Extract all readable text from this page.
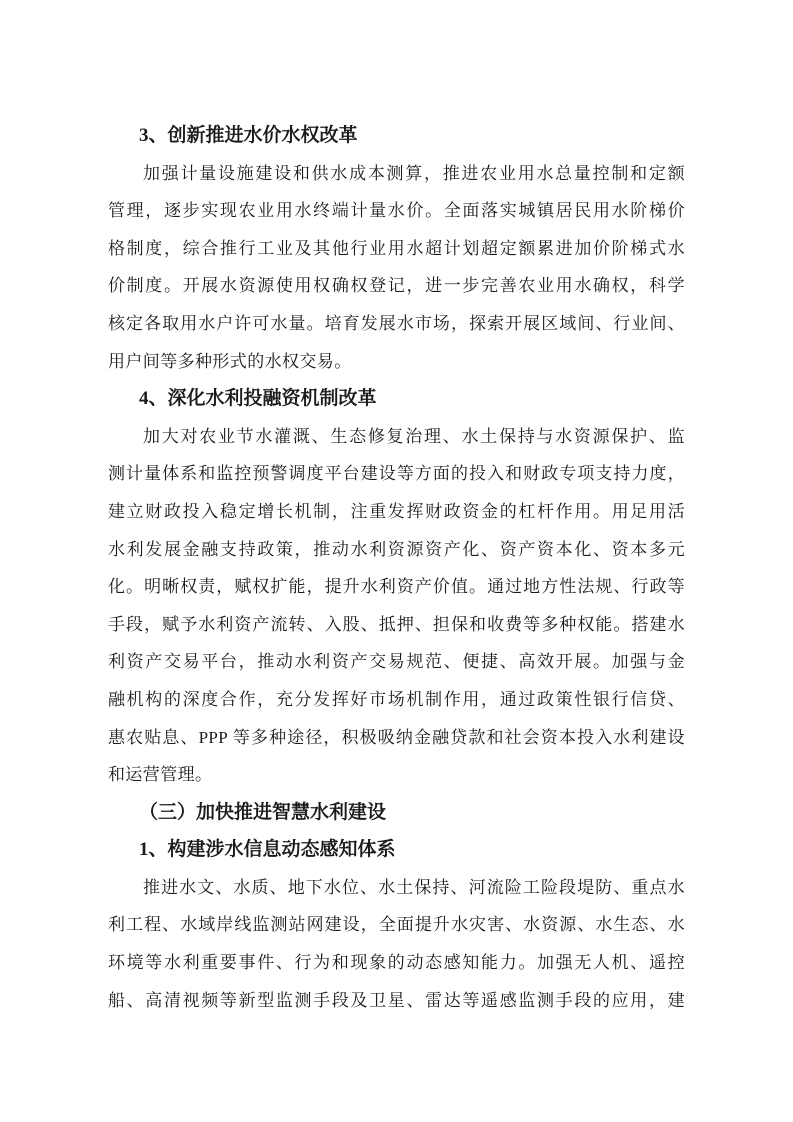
3、创新推进水价水权改革
加强计量设施建设和供水成本测算，推进农业用水总量控制和定额
管理，逐步实现农业用水终端计量水价。全面落实城镇居民用水阶梯价
格制度，综合推行工业及其他行业用水超计划超定额累进加价阶梯式水
价制度。开展水资源使用权确权登记，进一步完善农业用水确权，科学
核定各取用水户许可水量。培育发展水市场，探索开展区域间、行业间、
用户间等多种形式的水权交易。
4、深化水利投融资机制改革
加大对农业节水灌溉、生态修复治理、水土保持与水资源保护、监
测计量体系和监控预警调度平台建设等方面的投入和财政专项支持力度，
建立财政投入稳定增长机制，注重发挥财政资金的杠杆作用。用足用活
水利发展金融支持政策，推动水利资源资产化、资产资本化、资本多元
化。明晰权责，赋权扩能，提升水利资产价值。通过地方性法规、行政等
手段，赋予水利资产流转、入股、抵押、担保和收费等多种权能。搭建水
利资产交易平台，推动水利资产交易规范、便捷、高效开展。加强与金
融机构的深度合作，充分发挥好市场机制作用，通过政策性银行信贷、
惠农贴息、PPP 等多种途径，积极吸纳金融贷款和社会资本投入水利建设
和运营管理。
（三）加快推进智慧水利建设
1、构建涉水信息动态感知体系
推进水文、水质、地下水位、水土保持、河流险工险段堤防、重点水
利工程、水域岸线监测站网建设，全面提升水灾害、水资源、水生态、水
环境等水利重要事件、行为和现象的动态感知能力。加强无人机、遥控
船、高清视频等新型监测手段及卫星、雷达等遥感监测手段的应用，建
